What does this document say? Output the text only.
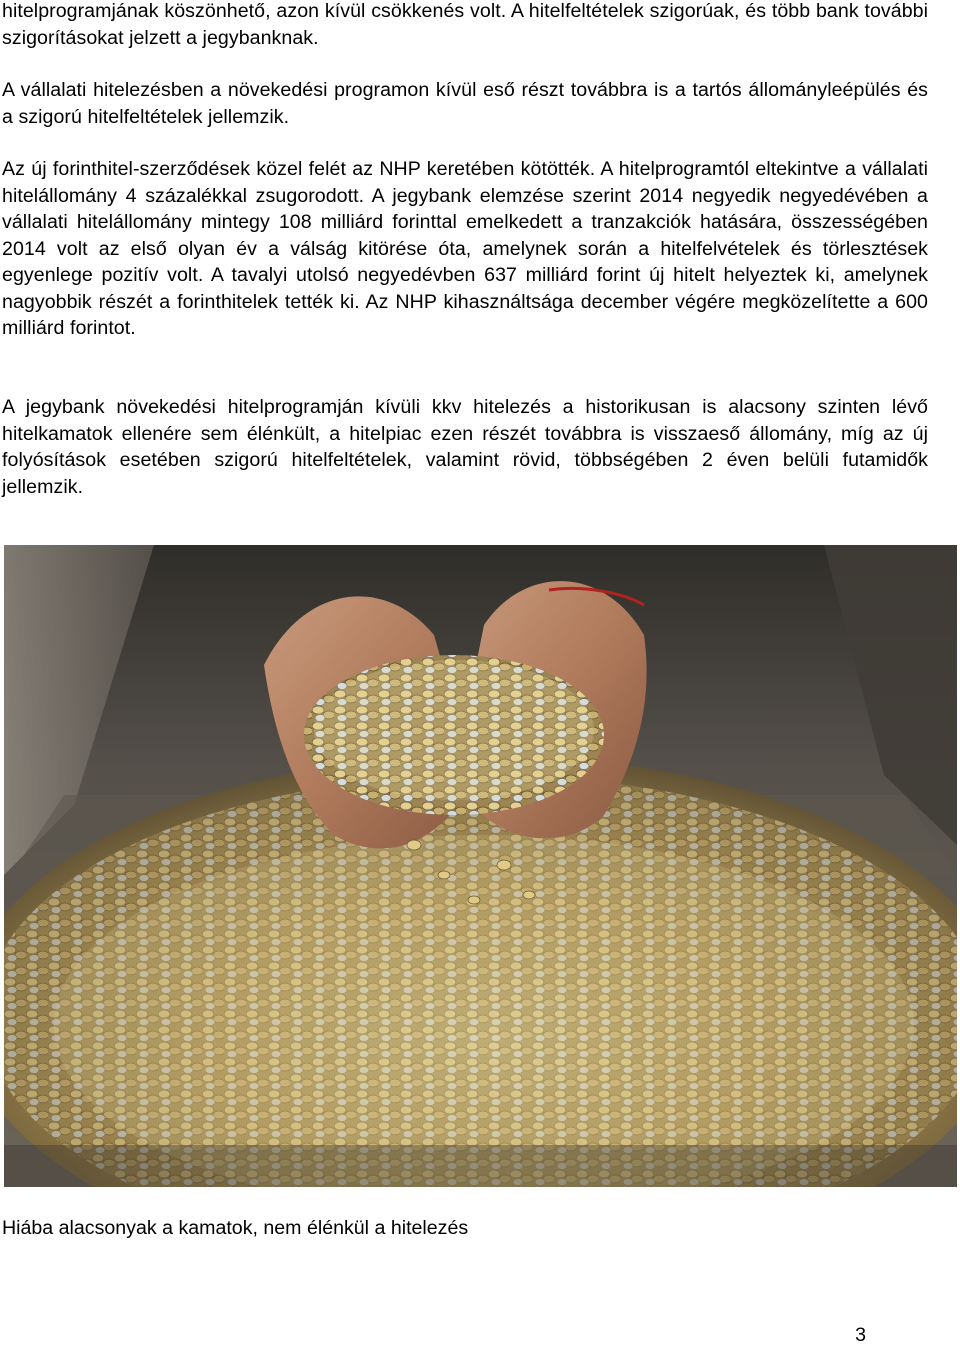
hitelprogramjának köszönhető, azon kívül csökkenés volt. A hitelfeltételek szigorúak, és több bank további szigorításokat jelzett a jegybanknak.

A vállalati hitelezésben a növekedési programon kívül eső részt továbbra is a tartós állományleépülés és a szigorú hitelfeltételek jellemzik.

Az új forinthitel-szerződések közel felét az NHP keretében kötötték. A hitelprogramtól eltekintve a vállalati hitelállomány 4 százalékkal zsugorodott. A jegybank elemzése szerint 2014 negyedik negyedévében a vállalati hitelállomány mintegy 108 milliárd forinttal emelkedett a tranzakciók hatására, összességében 2014 volt az első olyan év a válság kitörése óta, amelynek során a hitelfelvételek és törlesztések egyenlege pozitív volt. A tavalyi utolsó negyedévben 637 milliárd forint új hitelt helyeztek ki, amelynek nagyobbik részét a forinthitelek tették ki. Az NHP kihasználtsága december végére megközelítette a 600 milliárd forintot.

A jegybank növekedési hitelprogramján kívüli kkv hitelezés a historikusan is alacsony szinten lévő hitelkamatok ellenére sem élénkült, a hitelpiac ezen részét továbbra is visszaeső állomány, míg az új folyósítások esetében szigorú hitelfeltételek, valamint rövid, többségében 2 éven belüli futamidők jellemzik.

Hiába alacsonyak a kamatok, nem élénkül a hitelezés

3
